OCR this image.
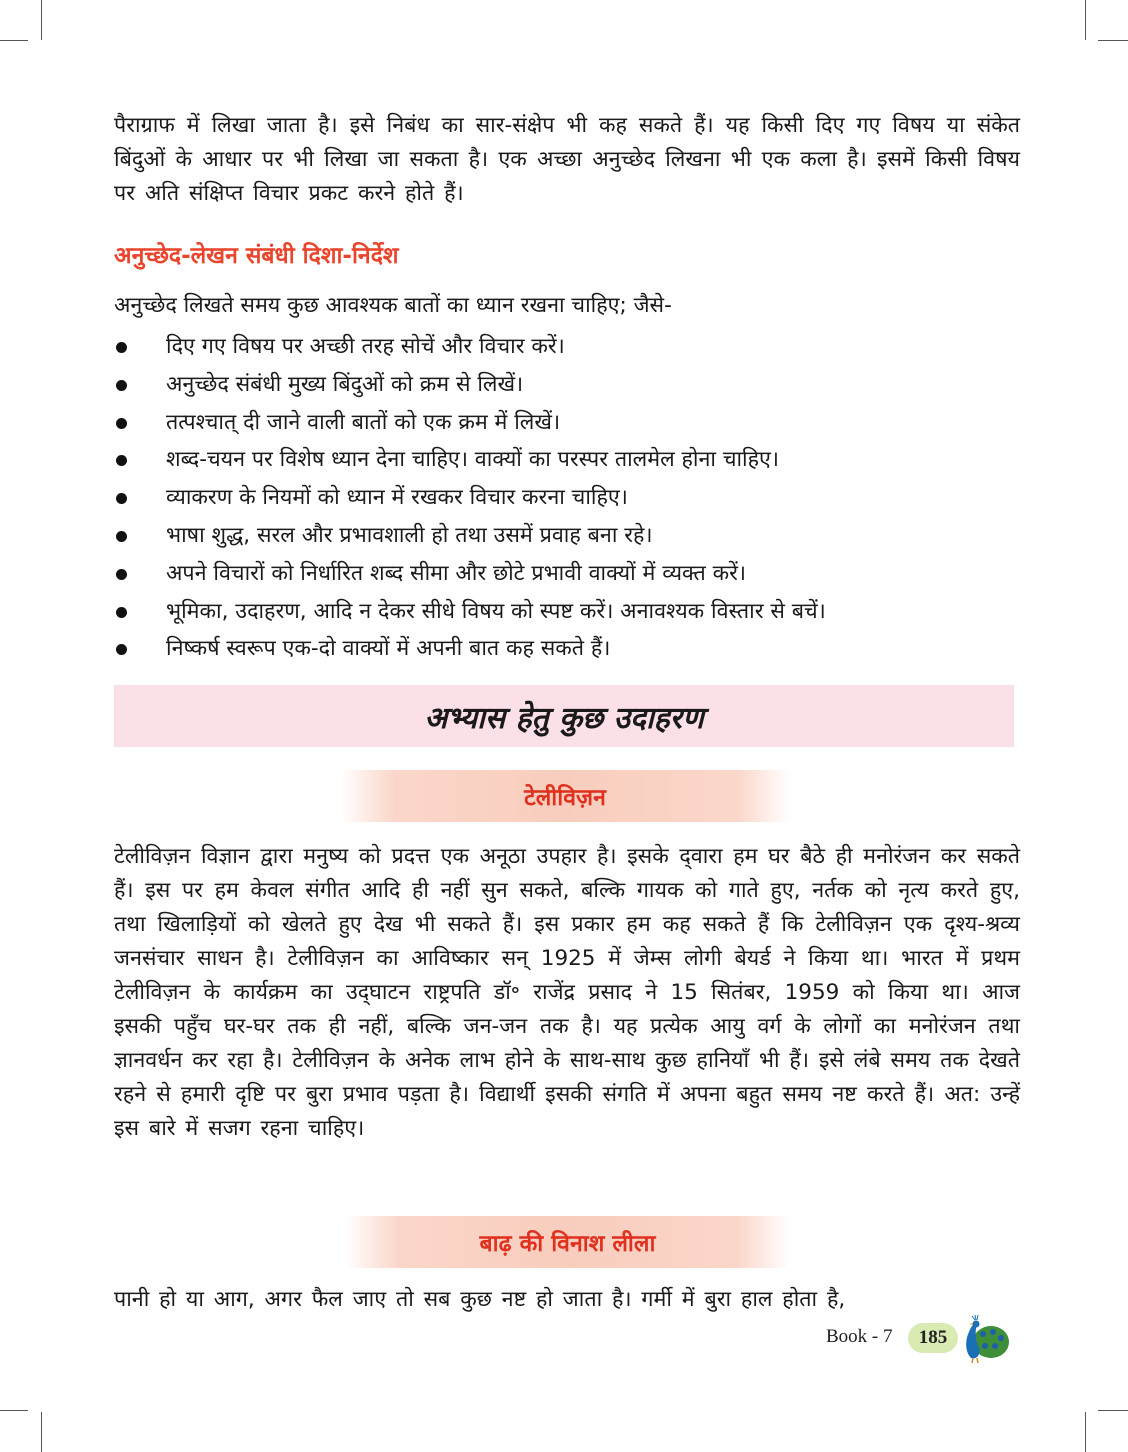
पैराग्राफ में लिखा जाता है। इसे निबंध का सार-संक्षेप भी कह सकते हैं। यह किसी दिए गए विषय या संकेत बिंदुओं के आधार पर भी लिखा जा सकता है। एक अच्छा अनुच्छेद लिखना भी एक कला है। इसमें किसी विषय पर अति संक्षिप्त विचार प्रकट करने होते हैं।

अनुच्छेद-लेखन संबंधी दिशा-निर्देश
अनुच्छेद लिखते समय कुछ आवश्यक बातों का ध्यान रखना चाहिए; जैसे-
दिए गए विषय पर अच्छी तरह सोचें और विचार करें।
अनुच्छेद संबंधी मुख्य बिंदुओं को क्रम से लिखें।
तत्पश्चात् दी जाने वाली बातों को एक क्रम में लिखें।
शब्द-चयन पर विशेष ध्यान देना चाहिए। वाक्यों का परस्पर तालमेल होना चाहिए।
व्याकरण के नियमों को ध्यान में रखकर विचार करना चाहिए।
भाषा शुद्ध, सरल और प्रभावशाली हो तथा उसमें प्रवाह बना रहे।
अपने विचारों को निर्धारित शब्द सीमा और छोटे प्रभावी वाक्यों में व्यक्त करें।
भूमिका, उदाहरण, आदि न देकर सीधे विषय को स्पष्ट करें। अनावश्यक विस्तार से बचें।
निष्कर्ष स्वरूप एक-दो वाक्यों में अपनी बात कह सकते हैं।
अभ्यास हेतु कुछ उदाहरण
टेलीविज़न

टेलीविज़न विज्ञान द्वारा मनुष्य को प्रदत्त एक अनूठा उपहार है। इसके द्‌वारा हम घर बैठे ही मनोरंजन कर सकते हैं। इस पर हम केवल संगीत आदि ही नहीं सुन सकते, बल्कि गायक को गाते हुए, नर्तक को नृत्य करते हुए, तथा खिलाड़ियों को खेलते हुए देख भी सकते हैं। इस प्रकार हम कह सकते हैं कि टेलीविज़न एक दृश्य-श्रव्य जनसंचार साधन है। टेलीविज़न का आविष्कार सन् 1925 में जेम्स लोगी बेयर्ड ने किया था। भारत में प्रथम टेलीविज़न के कार्यक्रम का उद्‌घाटन राष्ट्रपति डॉ॰ राजेंद्र प्रसाद ने 15 सितंबर, 1959 को किया था। आज इसकी पहुँच घर-घर तक ही नहीं, बल्कि जन-जन तक है। यह प्रत्येक आयु वर्ग के लोगों का मनोरंजन तथा ज्ञानवर्धन कर रहा है। टेलीविज़न के अनेक लाभ होने के साथ-साथ कुछ हानियाँ भी हैं। इसे लंबे समय तक देखते रहने से हमारी दृष्टि पर बुरा प्रभाव पड़ता है। विद्यार्थी इसकी संगति में अपना बहुत समय नष्ट करते हैं। अत: उन्हें इस बारे में सजग रहना चाहिए।

बाढ़ की विनाश लीला

पानी हो या आग, अगर फैल जाए तो सब कुछ नष्ट हो जाता है। गर्मी में बुरा हाल होता है,

Book - 7	185
